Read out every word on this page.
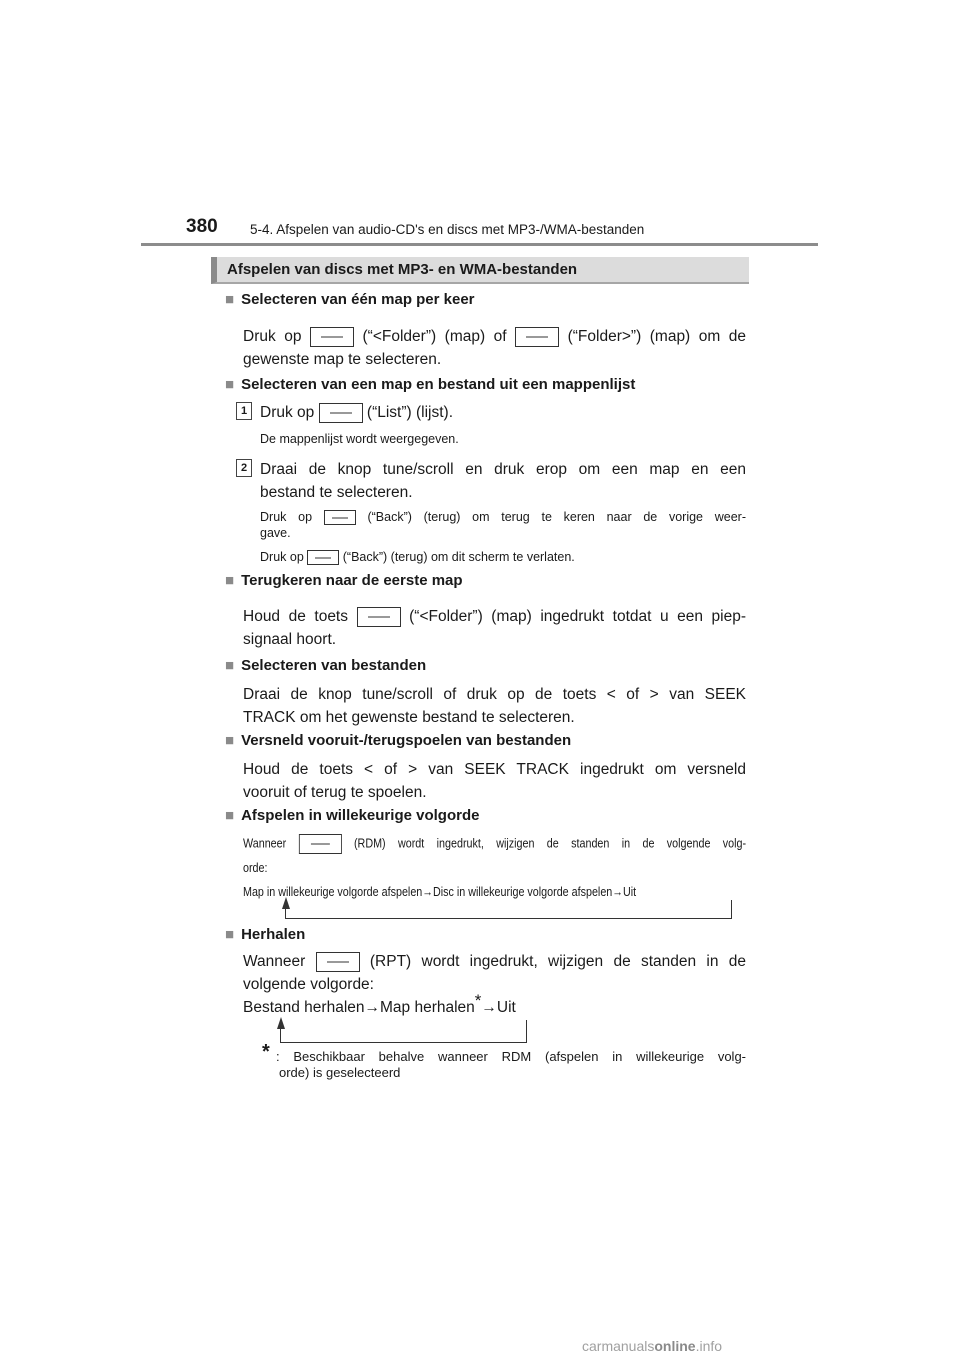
380 5-4. Afspelen van audio-CD's en discs met MP3-/WMA-bestanden
Afspelen van discs met MP3- en WMA-bestanden
■ Selecteren van één map per keer
Druk op	(“<Folder”) (map) of	(“Folder>”) (map) om de
gewenste map te selecteren.
■ Selecteren van een map en bestand uit een mappenlijst
1 Druk op	(“List”) (lijst).
De mappenlijst wordt weergegeven.
2 Draai de knop tune/scroll en druk erop om een map en een
bestand te selecteren.
Druk op	(“Back”) (terug) om terug te keren naar de vorige weer-
gave.
Druk op	(“Back”) (terug) om dit scherm te verlaten.
■ Terugkeren naar de eerste map
Houd de toets	(“<Folder”) (map) ingedrukt totdat u een piep-
signaal hoort.
■ Selecteren van bestanden
Draai de knop tune/scroll of druk op de toets < of > van SEEK
TRACK om het gewenste bestand te selecteren.
■ Versneld vooruit-/terugspoelen van bestanden
Houd de toets < of > van SEEK TRACK ingedrukt om versneld
vooruit of terug te spoelen.
■ Afspelen in willekeurige volgorde
Wanneer	(RDM) wordt ingedrukt, wijzigen de standen in de volgende volg-
orde:
Map in willekeurige volgorde afspelen→Disc in willekeurige volgorde afspelen→Uit
■ Herhalen
Wanneer	(RPT) wordt ingedrukt, wijzigen de standen in de
volgende volgorde:
Bestand herhalen→Map herhalen*→Uit
* : Beschikbaar behalve wanneer RDM (afspelen in willekeurige volg-
orde) is geselecteerd
carmanualsonline.info
